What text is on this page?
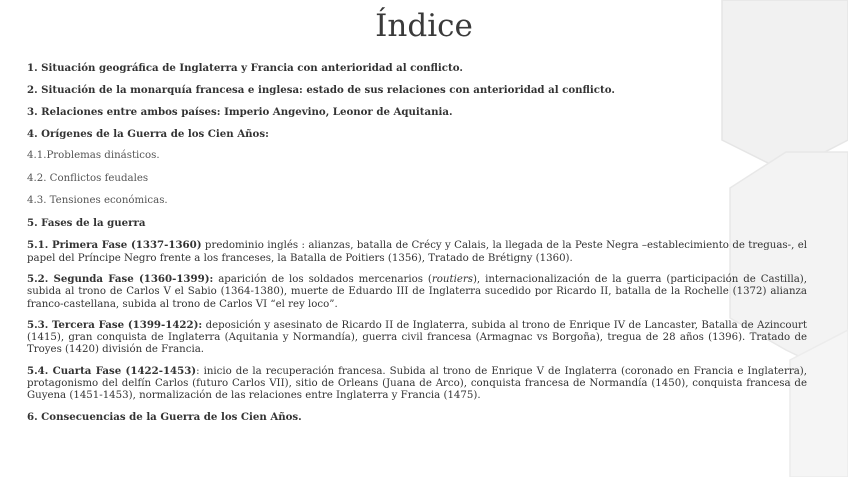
Índice
1. Situación geográfica de Inglaterra y Francia con anterioridad al conflicto.
2. Situación de la monarquía francesa e inglesa: estado de sus relaciones con anterioridad al conflicto.
3. Relaciones entre ambos países: Imperio Angevino, Leonor de Aquitania.
4. Orígenes de la Guerra de los Cien Años:
4.1.Problemas dinásticos.
4.2. Conflictos feudales
4.3. Tensiones económicas.
5. Fases de la guerra
5.1. Primera Fase (1337-1360) predominio inglés : alianzas, batalla de Crécy y Calais, la llegada de la Peste Negra –establecimiento de treguas-, el papel del Príncipe Negro frente a los franceses, la Batalla de Poitiers (1356), Tratado de Brétigny (1360).
5.2. Segunda Fase (1360-1399): aparición de los soldados mercenarios (routiers), internacionalización de la guerra (participación de Castilla), subida al trono de Carlos V el Sabio (1364-1380), muerte de Eduardo III de Inglaterra sucedido por Ricardo II, batalla de la Rochelle (1372) alianza franco-castellana, subida al trono de Carlos VI “el rey loco”.
5.3. Tercera Fase (1399-1422): deposición y asesinato de Ricardo II de Inglaterra, subida al trono de Enrique IV de Lancaster, Batalla de Azincourt (1415), gran conquista de Inglaterra (Aquitania y Normandía), guerra civil francesa (Armagnac vs Borgoña), tregua de 28 años (1396). Tratado de Troyes (1420) división de Francia.
5.4. Cuarta Fase (1422-1453): inicio de la recuperación francesa. Subida al trono de Enrique V de Inglaterra (coronado en Francia e Inglaterra), protagonismo del delfín Carlos (futuro Carlos VII), sitio de Orleans (Juana de Arco), conquista francesa de Normandía (1450), conquista francesa de Guyena (1451-1453), normalización de las relaciones entre Inglaterra y Francia (1475).
6. Consecuencias de la Guerra de los Cien Años.
